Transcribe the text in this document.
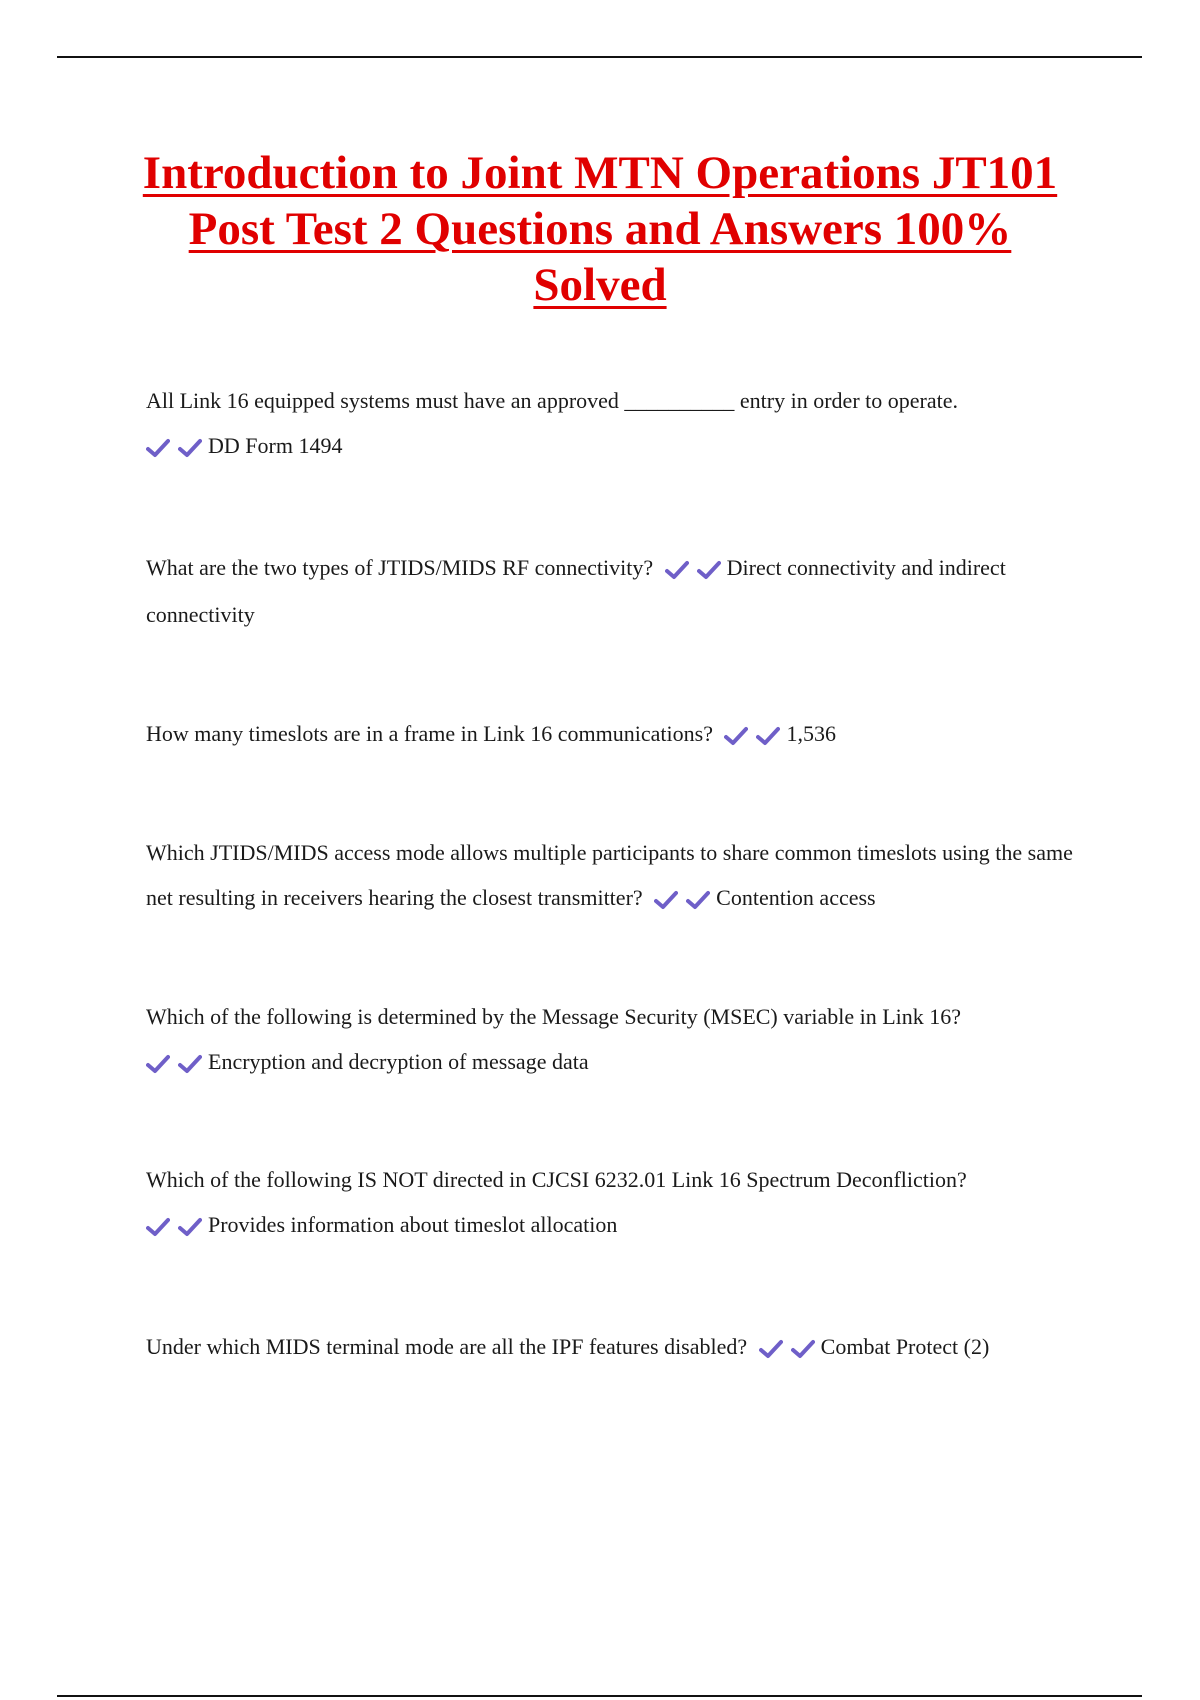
Introduction to Joint MTN Operations JT101
Post Test 2 Questions and Answers 100%
Solved
All Link 16 equipped systems must have an approved __________ entry in order to operate.
DD Form 1494
What are the two types of JTIDS/MIDS RF connectivity?	Direct connectivity and indirect connectivity
How many timeslots are in a frame in Link 16 communications?	1,536
Which JTIDS/MIDS access mode allows multiple participants to share common timeslots using the same net resulting in receivers hearing the closest transmitter?	Contention access
Which of the following is determined by the Message Security (MSEC) variable in Link 16?
Encryption and decryption of message data
Which of the following IS NOT directed in CJCSI 6232.01 Link 16 Spectrum Deconfliction?
Provides information about timeslot allocation
Under which MIDS terminal mode are all the IPF features disabled?	Combat Protect (2)
